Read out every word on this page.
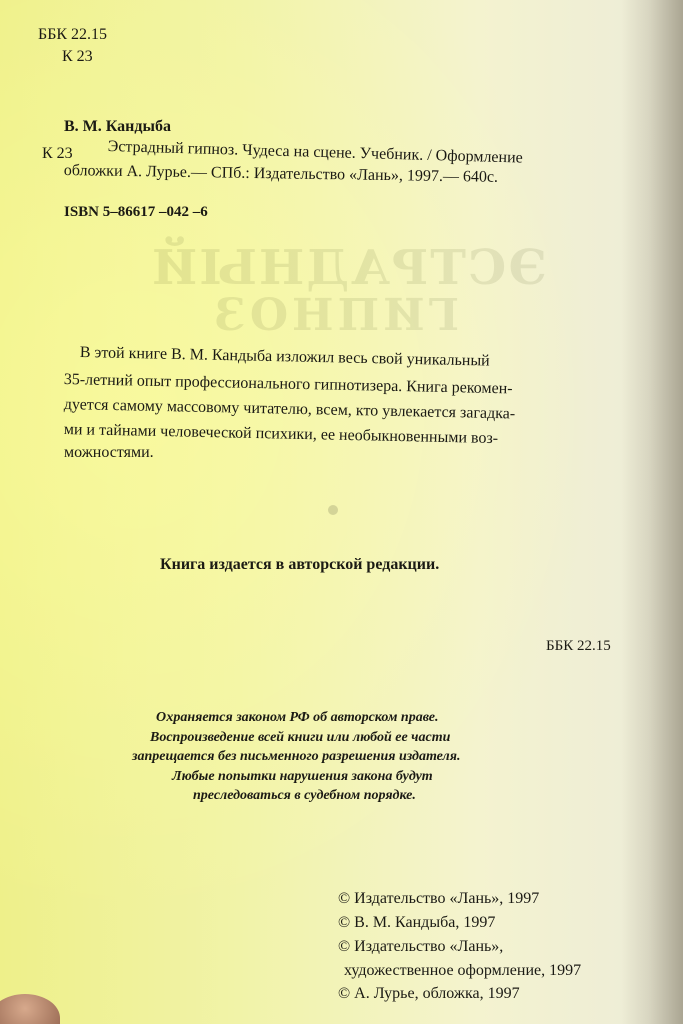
ЭСТРАДНЫЙ
ГИПНОЗ
ББК 22.15
К 23
В. М. Кандыба
К 23 Эстрадный гипноз. Чудеса на сцене. Учебник. / Оформление
обложки А. Лурье.— СПб.: Издательство «Лань», 1997.— 640с.
ISBN 5–86617 –042 –6
В этой книге В. М. Кандыба изложил весь свой уникальный
35-летний опыт профессионального гипнотизера. Книга рекомен-
дуется самому массовому читателю, всем, кто увлекается загадка-
ми и тайнами человеческой психики, ее необыкновенными воз-
можностями.
Книга издается в авторской редакции.
ББК 22.15
Охраняется законом РФ об авторском праве.
Воспроизведение всей книги или любой ее части
запрещается без письменного разрешения издателя.
Любые попытки нарушения закона будут
преследоваться в судебном порядке.
© Издательство «Лань», 1997
© В. М. Кандыба, 1997
© Издательство «Лань»,
художественное оформление, 1997
© А. Лурье, обложка, 1997
